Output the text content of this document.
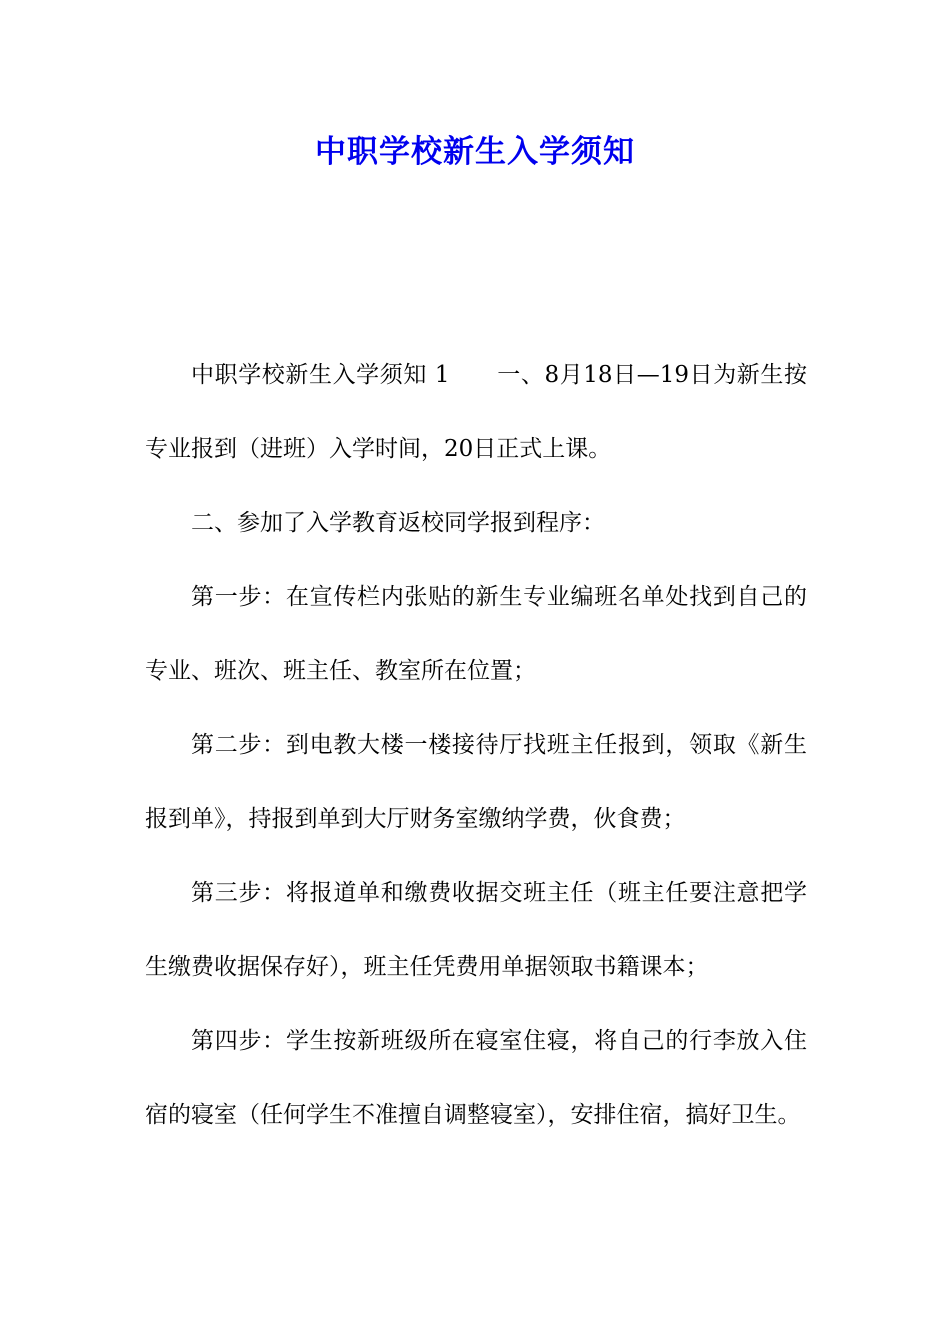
中职学校新生入学须知

中职学校新生入学须知 1　　一、8月18日—19日为新生按专业报到（进班）入学时间，20日正式上课。

二、参加了入学教育返校同学报到程序：

第一步：在宣传栏内张贴的新生专业编班名单处找到自己的专业、班次、班主任、教室所在位置；

第二步：到电教大楼一楼接待厅找班主任报到，领取《新生报到单》，持报到单到大厅财务室缴纳学费，伙食费；

第三步：将报道单和缴费收据交班主任（班主任要注意把学生缴费收据保存好），班主任凭费用单据领取书籍课本；

第四步：学生按新班级所在寝室住寝，将自己的行李放入住宿的寝室（任何学生不准擅自调整寝室），安排住宿，搞好卫生。
